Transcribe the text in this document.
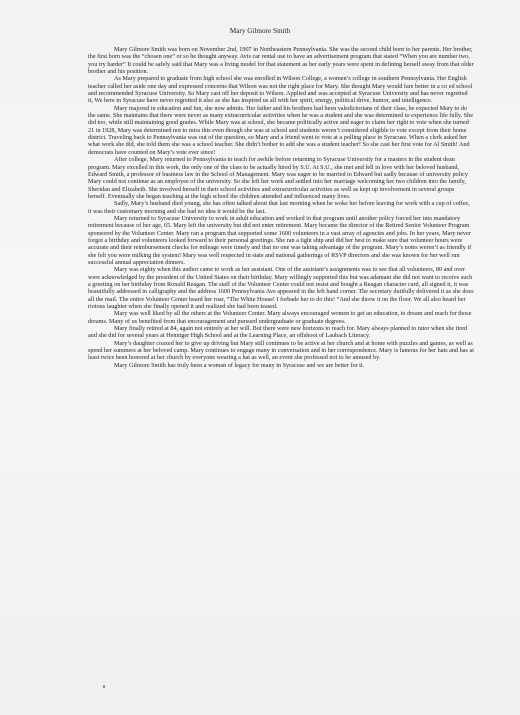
Mary Gilmore Smith

Mary Gilmore Smith was born on November 2nd, 1907 in Northeastern Pennsylvania. She was the second child born to her parents. Her brother, the first born was the “chosen one” or so he thought anyway. Avis car rental use to have an advertisement program that stated “When you are number two, you try harder” It could be safely said that Mary was a living model for that statement as her early years were spent in defining herself away from that older brother and his position.

As Mary prepared to graduate from high school she was enrolled in Wilson College, a women’s college in southern Pennsylvania. Her English teacher called her aside one day and expressed concerns that Wilson was not the right place for Mary. She thought Mary would fare better in a co ed school and recommended Syracuse University. So Mary cast off her deposit to Wilson. Applied and was accepted at Syracuse University and has never regretted it, We here in Syracuse have never regretted it also as she has inspired us all with her spirit, energy, political drive, humor, and intelligence.

Mary majored in education and fun, she now admits. Her father and his brothers had been valedictorians of their class, he expected Mary to do the same. She maintains that there were never as many extracurricular activities when he was a student and she was determined to experience life fully. She did too, while still maintaining good grades. While Mary was at school, she became politically active and eager to claim her right to vote when she turned 21 in 1928, Mary was determined not to miss this even though she was at school and students weren’t considered eligible to vote except from their home district. Traveling back to Pennsylvania was out of the question, so Mary and a friend went to vote at a polling place in Syracuse. When a clerk asked her what work she did, she told them she was a school teacher. She didn’t bother to add she was a student teacher! So she cast her first vote for Al Smith! And democrats have counted on Mary’s vote ever since!

After college, Mary returned to Pennsylvania to teach for awhile before returning to Syracuse University for a masters in the student dean program. Mary excelled in this work, the only one of the class to be actually hired by S.U. At S.U., she met and fell in love with her beloved husband, Edward Smith, a professor of business law in the School of Management. Mary was eager to be married to Edward but sadly because of university policy Mary could not continue as an employee of the university. So she left her work and settled into her marriage welcoming her two children into the family, Sheridan and Elizabeth. She involved herself in their school activities and extracurricular activities as well as kept up involvement in several groups herself. Eventually she began teaching at the high school the children attended and influenced many lives.

Sadly, Mary’s husband died young, she has often talked about that last morning when he woke her before leaving for work with a cup of coffee, it was their customary morning and she had no idea it would be the last.

Mary returned to Syracuse University to work in adult education and worked in that program until another policy forced her into mandatory retirement because of her age, 65. Mary left the university but did not enter retirement. Mary became the director of the Retired Senior Volunteer Program sponsored by the Volunteer Center. Mary ran a program that supported some 1600 volunteers in a vast array of agencies and jobs. In her years, Mary never forgot a birthday and volunteers looked forward to their personal greetings. She ran a tight ship and did her best to make sure that volunteer hours were accurate and their reimbursement checks for mileage were timely and that no one was taking advantage of the program. Mary’s notes weren’t as friendly if she felt you were milking the system! Mary was well respected in state and national gatherings of RSVP directors and she was known for her well run successful annual appreciation dinners.

Mary was eighty when this author came to work as her assistant. One of the assistant’s assignments was to see that all volunteers, 80 and over were acknowledged by the president of the United States on their birthday. Mary willingly supported this but was adamant she did not want to receive such a greeting on her birthday from Ronald Reagan. The staff of the Volunteer Center could not resist and bought a Reagan character card, all signed it, it was beautifully addressed in calligraphy and the address 1600 Pennsylvania Ave appeared in the left hand corner. The secretary dutifully delivered it as she does all the mail. The entire Volunteer Center heard her roar, “The White House! I forbade her to do this! “And she threw it on the floor. We all also heard her riotous laughter when she finally opened it and realized she had been teased.

Mary was well liked by all the others at the Volunteer Center. Mary always encouraged women to get an education, to dream and reach for those dreams. Many of us benefited from that encouragement and pursued undergraduate or graduate degrees.

Mary finally retired at 84, again not entirely at her will. But there were new horizons to reach for. Mary always planned to tutor when she tired and she did for several years at Henniger High School and at the Learning Place, an offshoot of Laubach Literacy.

Mary’s daughter coaxed her to give up driving but Mary still continues to be active at her church and at home with puzzles and games, as well as spend her summers at her beloved camp. Mary continues to engage many in conversation and in her correspondence. Mary is famous for her hats and has at least twice been honored at her church by everyone wearing a hat as well, an event she professed not to be amused by.

Mary Gilmore Smith has truly been a woman of legacy for many in Syracuse and we are better for it.
